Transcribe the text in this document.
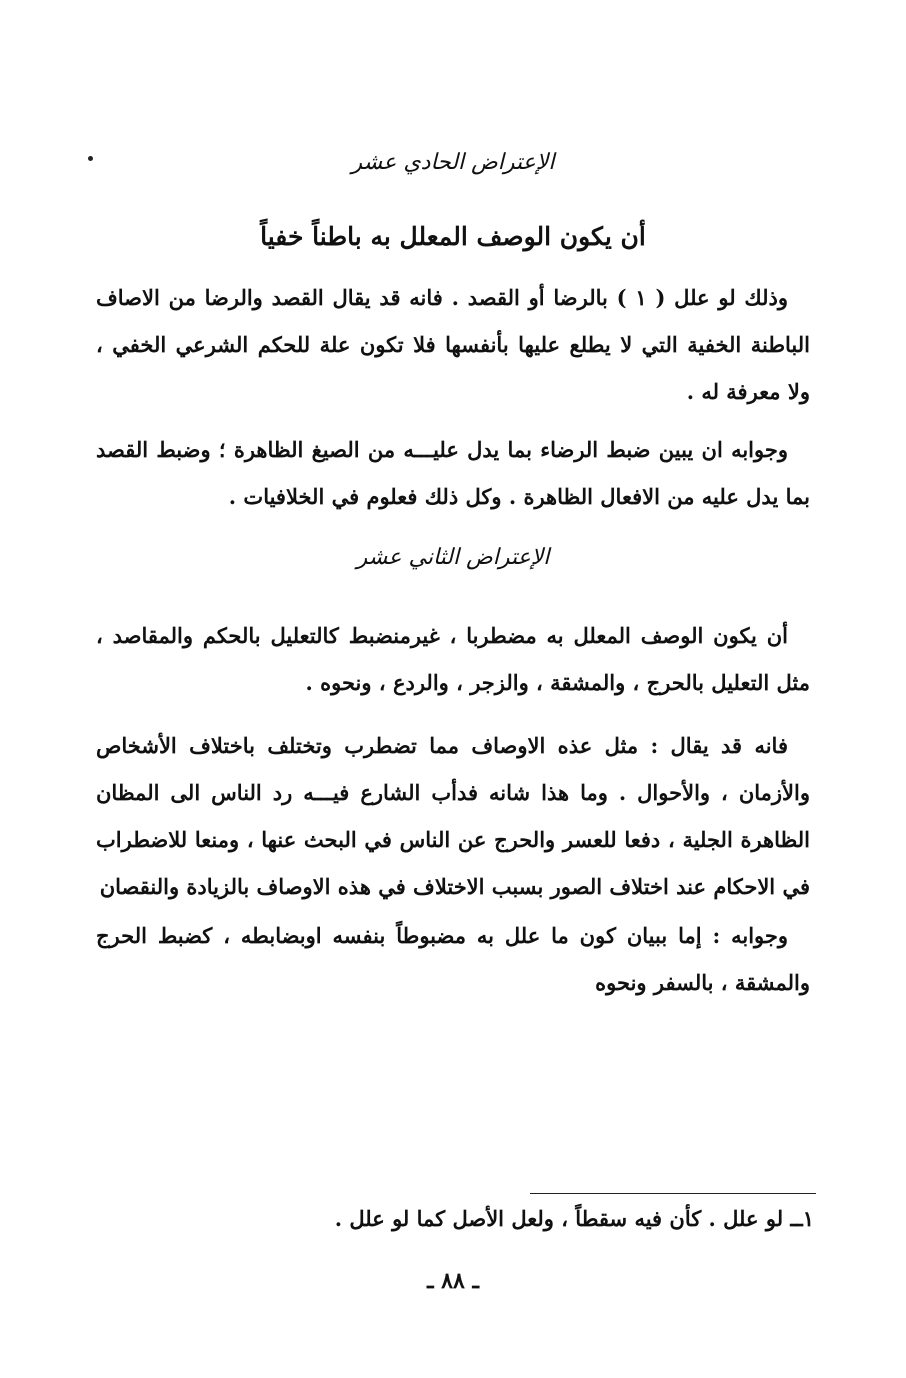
الإعتراض الحادي عشر
أن يكون الوصف المعلل به باطناً خفياً
وذلك لو علل ( ١ ) بالرضا أو القصد . فانه قد يقال القصد والرضا من الاصاف الباطنة الخفية التي لا يطلع عليها بأنفسها فلا تكون علة للحكم الشرعي الخفي ، ولا معرفة له .
وجوابه ان يبين ضبط الرضاء بما يدل عليـــه من الصيغ الظاهرة ؛ وضبط القصد بما يدل عليه من الافعال الظاهرة . وكل ذلك فعلوم في الخلافيات .
الإعتراض الثاني عشر
أن يكون الوصف المعلل به مضطربا ، غيرمنضبط كالتعليل بالحكم والمقاصد ، مثل التعليل بالحرج ، والمشقة ، والزجر ، والردع ، ونحوه .
فانه قد يقال : مثل عذه الاوصاف مما تضطرب وتختلف باختلاف الأشخاص والأزمان ، والأحوال . وما هذا شانه فدأب الشارع فيـــه رد الناس الى المظان الظاهرة الجلية ، دفعا للعسر والحرج عن الناس في البحث عنها ، ومنعا للاضطراب في الاحكام عند اختلاف الصور بسبب الاختلاف في هذه الاوصاف بالزيادة والنقصان
وجوابه : إما ببيان كون ما علل به مضبوطاً بنفسه اوبضابطه ، كضبط الحرج والمشقة ، بالسفر ونحوه
١ــ لو علل . كأن فيه سقطاً ، ولعل الأصل كما لو علل .
ـ ٨٨ ـ
